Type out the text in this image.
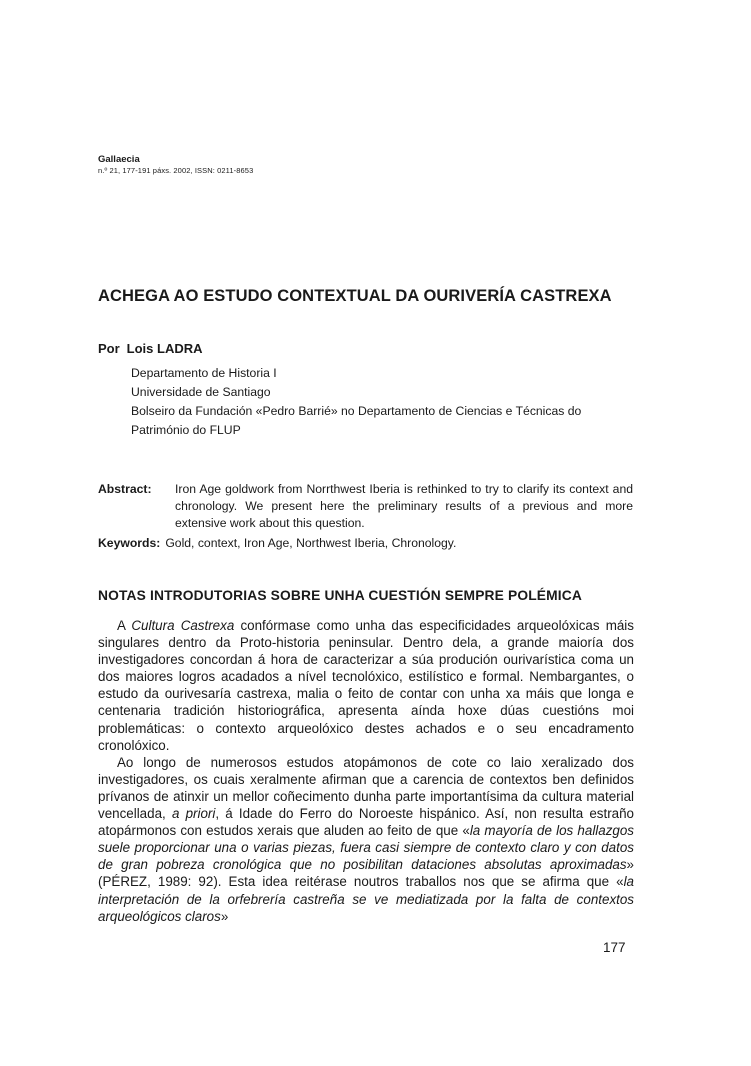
Gallaecia
n.º 21, 177-191 páxs. 2002, ISSN: 0211-8653
ACHEGA AO ESTUDO CONTEXTUAL DA OURIVERÍA CASTREXA
Por Lois LADRA
Departamento de Historia I
Universidade de Santiago
Bolseiro da Fundación «Pedro Barrié» no Departamento de Ciencias e Técnicas do Património do FLUP
Abstract:	Iron Age goldwork from Norrthwest Iberia is rethinked to try to clarify its context and chronology. We present here the preliminary results of a previous and more extensive work about this question.
Keywords: Gold, context, Iron Age, Northwest Iberia, Chronology.
NOTAS INTRODUTORIAS SOBRE UNHA CUESTIÓN SEMPRE POLÉMICA

A Cultura Castrexa confórmase como unha das especificidades arqueolóxicas máis singulares dentro da Proto-historia peninsular. Dentro dela, a grande maioría dos investigadores concordan á hora de caracterizar a súa produción ourivarística coma un dos maiores logros acadados a nível tecnolóxico, estilístico e formal. Nembargantes, o estudo da ourivesaría castrexa, malia o feito de contar con unha xa máis que longa e centenaria tradición historiográfica, apresenta aínda hoxe dúas cuestións moi problemáticas: o contexto arqueolóxico destes achados e o seu encadramento cronolóxico.

Ao longo de numerosos estudos atopámonos de cote co laio xeralizado dos investigadores, os cuais xeralmente afirman que a carencia de contextos ben definidos prívanos de atinxir un mellor coñecimento dunha parte importantísima da cultura material vencellada, a priori, á Idade do Ferro do Noroeste hispánico. Así, non resulta estraño atopármonos con estudos xerais que aluden ao feito de que «la mayoría de los hallazgos suele proporcionar una o varias piezas, fuera casi siempre de contexto claro y con datos de gran pobreza cronológica que no posibilitan dataciones absolutas aproximadas» (PÉREZ, 1989: 92). Esta idea reitérase noutros traballos nos que se afirma que «la interpretación de la orfebrería castreña se ve mediatizada por la falta de contextos arqueológicos claros»

177
